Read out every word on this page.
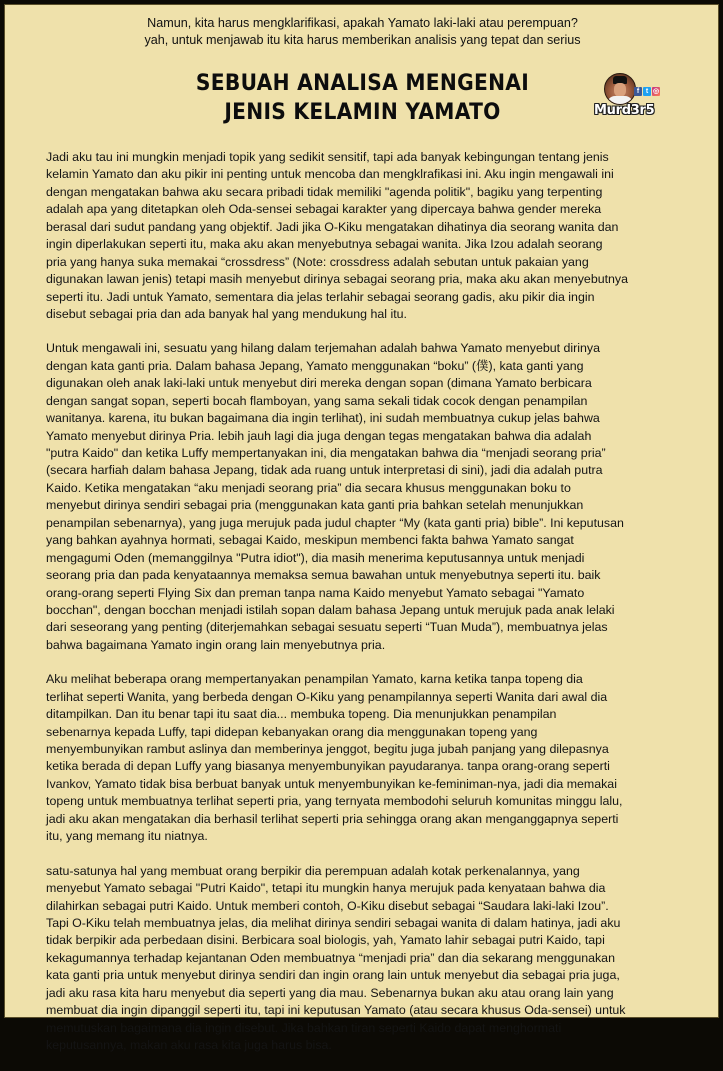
Namun, kita harus mengklarifikasi, apakah Yamato laki-laki atau perempuan?
yah, untuk menjawab itu kita harus memberikan analisis yang tepat dan serius
SEBUAH ANALISA MENGENAI
JENIS KELAMIN YAMATO
f t ◎
Murd3r5
Jadi aku tau ini mungkin menjadi topik yang sedikit sensitif, tapi ada banyak kebingungan tentang jenis
kelamin Yamato dan aku pikir ini penting untuk mencoba dan mengklrafikasi ini. Aku ingin mengawali ini
dengan mengatakan bahwa aku secara pribadi tidak memiliki "agenda politik", bagiku yang terpenting
adalah apa yang ditetapkan oleh Oda-sensei sebagai karakter yang dipercaya bahwa gender mereka
berasal dari sudut pandang yang objektif. Jadi jika O-Kiku mengatakan dihatinya dia seorang wanita dan
ingin diperlakukan seperti itu, maka aku akan menyebutnya sebagai wanita. Jika Izou adalah seorang
pria yang hanya suka memakai “crossdress” (Note: crossdress adalah sebutan untuk pakaian yang
digunakan lawan jenis) tetapi masih menyebut dirinya sebagai seorang pria, maka aku akan menyebutnya
seperti itu. Jadi untuk Yamato, sementara dia jelas terlahir sebagai seorang gadis, aku pikir dia ingin
disebut sebagai pria dan ada banyak hal yang mendukung hal itu.
Untuk mengawali ini, sesuatu yang hilang dalam terjemahan adalah bahwa Yamato menyebut dirinya
dengan kata ganti pria. Dalam bahasa Jepang, Yamato menggunakan “boku” (僕), kata ganti yang
digunakan oleh anak laki-laki untuk menyebut diri mereka dengan sopan (dimana Yamato berbicara
dengan sangat sopan, seperti bocah flamboyan, yang sama sekali tidak cocok dengan penampilan
wanitanya. karena, itu bukan bagaimana dia ingin terlihat), ini sudah membuatnya cukup jelas bahwa
Yamato menyebut dirinya Pria. lebih jauh lagi dia juga dengan tegas mengatakan bahwa dia adalah
"putra Kaido" dan ketika Luffy mempertanyakan ini, dia mengatakan bahwa dia “menjadi seorang pria”
(secara harfiah dalam bahasa Jepang, tidak ada ruang untuk interpretasi di sini), jadi dia adalah putra
Kaido. Ketika mengatakan “aku menjadi seorang pria” dia secara khusus menggunakan boku to
menyebut dirinya sendiri sebagai pria (menggunakan kata ganti pria bahkan setelah menunjukkan
penampilan sebenarnya), yang juga merujuk pada judul chapter “My (kata ganti pria) bible”. Ini keputusan
yang bahkan ayahnya hormati, sebagai Kaido, meskipun membenci fakta bahwa Yamato sangat
mengagumi Oden (memanggilnya "Putra idiot"), dia masih menerima keputusannya untuk menjadi
seorang pria dan pada kenyataannya memaksa semua bawahan untuk menyebutnya seperti itu. baik
orang-orang seperti Flying Six dan preman tanpa nama Kaido menyebut Yamato sebagai "Yamato
bocchan", dengan bocchan menjadi istilah sopan dalam bahasa Jepang untuk merujuk pada anak lelaki
dari seseorang yang penting (diterjemahkan sebagai sesuatu seperti “Tuan Muda”), membuatnya jelas
bahwa bagaimana Yamato ingin orang lain menyebutnya pria.
Aku melihat beberapa orang mempertanyakan penampilan Yamato, karna ketika tanpa topeng dia
terlihat seperti Wanita, yang berbeda dengan O-Kiku yang penampilannya seperti Wanita dari awal dia
ditampilkan. Dan itu benar tapi itu saat dia... membuka topeng. Dia menunjukkan penampilan
sebenarnya kepada Luffy, tapi didepan kebanyakan orang dia menggunakan topeng yang
menyembunyikan rambut aslinya dan memberinya jenggot, begitu juga jubah panjang yang dilepasnya
ketika berada di depan Luffy yang biasanya menyembunyikan payudaranya. tanpa orang-orang seperti
Ivankov, Yamato tidak bisa berbuat banyak untuk menyembunyikan ke-feminiman-nya, jadi dia memakai
topeng untuk membuatnya terlihat seperti pria, yang ternyata membodohi seluruh komunitas minggu lalu,
jadi aku akan mengatakan dia berhasil terlihat seperti pria sehingga orang akan menganggapnya seperti
itu, yang memang itu niatnya.
satu-satunya hal yang membuat orang berpikir dia perempuan adalah kotak perkenalannya, yang
menyebut Yamato sebagai "Putri Kaido", tetapi itu mungkin hanya merujuk pada kenyataan bahwa dia
dilahirkan sebagai putri Kaido. Untuk memberi contoh, O-Kiku disebut sebagai “Saudara laki-laki Izou”.
Tapi O-Kiku telah membuatnya jelas, dia melihat dirinya sendiri sebagai wanita di dalam hatinya, jadi aku
tidak berpikir ada perbedaan disini. Berbicara soal biologis, yah, Yamato lahir sebagai putri Kaido, tapi
kekagumannya terhadap kejantanan Oden membuatnya “menjadi pria” dan dia sekarang menggunakan
kata ganti pria untuk menyebut dirinya sendiri dan ingin orang lain untuk menyebut dia sebagai pria juga,
jadi aku rasa kita haru menyebut dia seperti yang dia mau. Sebenarnya bukan aku atau orang lain yang
membuat dia ingin dipanggil seperti itu, tapi ini keputusan Yamato (atau secara khusus Oda-sensei) untuk
memutuskan bagaimana dia ingin disebut. Jika bahkan tiran seperti Kaido dapat menghormati
keputusannya, makan aku rasa kita juga harus bisa.
